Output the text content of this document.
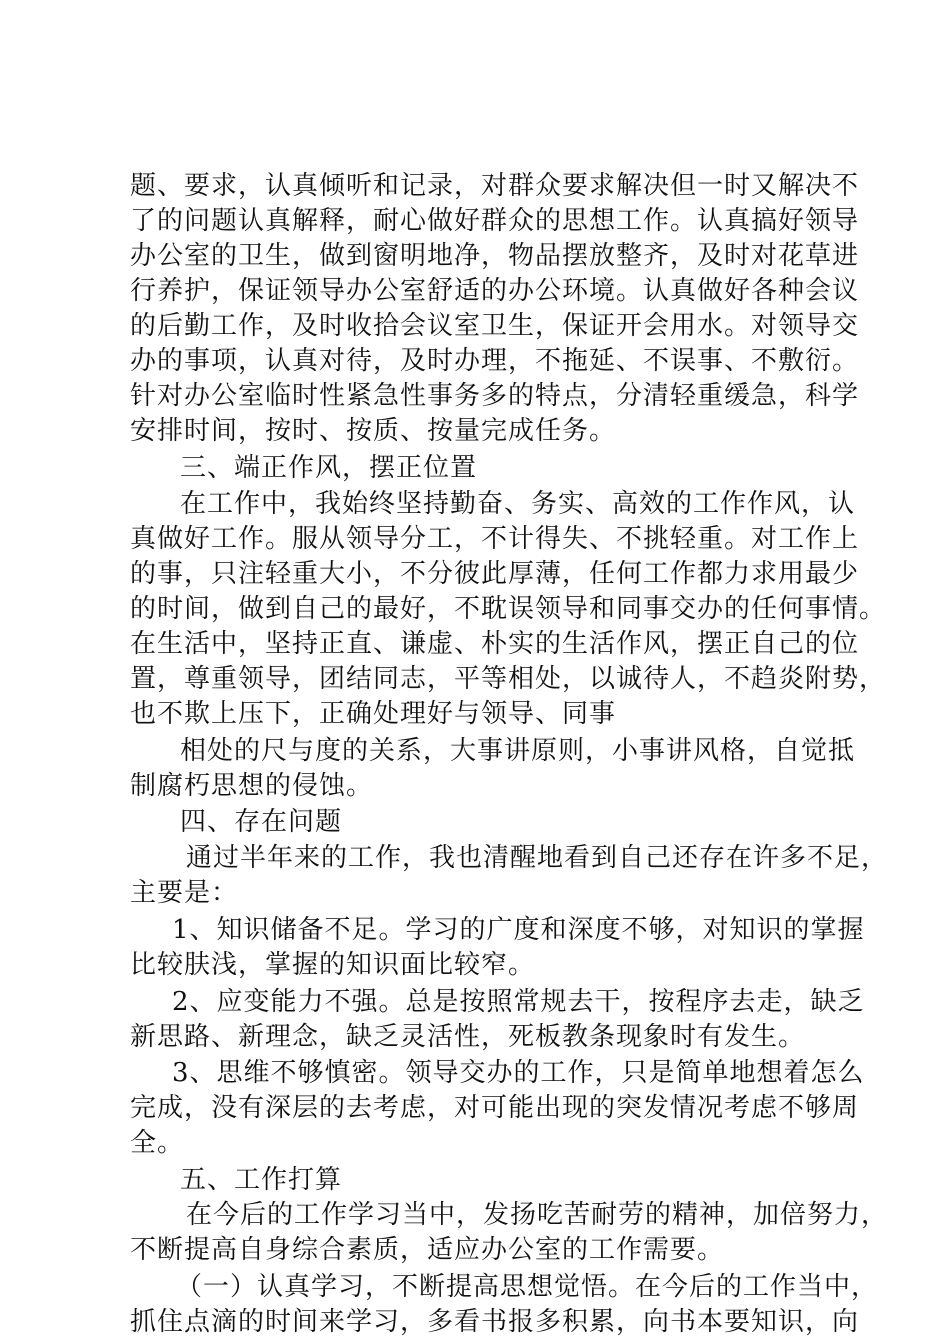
题、要求，认真倾听和记录，对群众要求解决但一时又解决不
了的问题认真解释，耐心做好群众的思想工作。认真搞好领导
办公室的卫生，做到窗明地净，物品摆放整齐，及时对花草进
行养护，保证领导办公室舒适的办公环境。认真做好各种会议
的后勤工作，及时收拾会议室卫生，保证开会用水。对领导交
办的事项，认真对待，及时办理，不拖延、不误事、不敷衍。
针对办公室临时性紧急性事务多的特点，分清轻重缓急，科学
安排时间，按时、按质、按量完成任务。
三、端正作风，摆正位置
在工作中，我始终坚持勤奋、务实、高效的工作作风，认
真做好工作。服从领导分工，不计得失、不挑轻重。对工作上
的事，只注轻重大小，不分彼此厚薄，任何工作都力求用最少
的时间，做到自己的最好，不耽误领导和同事交办的任何事情。
在生活中，坚持正直、谦虚、朴实的生活作风，摆正自己的位
置，尊重领导，团结同志，平等相处，以诚待人，不趋炎附势，
也不欺上压下，正确处理好与领导、同事
相处的尺与度的关系，大事讲原则，小事讲风格，自觉抵
制腐朽思想的侵蚀。
四、存在问题
通过半年来的工作，我也清醒地看到自己还存在许多不足，
主要是：
1、知识储备不足。学习的广度和深度不够，对知识的掌握
比较肤浅，掌握的知识面比较窄。
2、应变能力不强。总是按照常规去干，按程序去走，缺乏
新思路、新理念，缺乏灵活性，死板教条现象时有发生。
3、思维不够慎密。领导交办的工作，只是简单地想着怎么
完成，没有深层的去考虑，对可能出现的突发情况考虑不够周
全。
五、工作打算
在今后的工作学习当中，发扬吃苦耐劳的精神，加倍努力，
不断提高自身综合素质，适应办公室的工作需要。
（一）认真学习，不断提高思想觉悟。在今后的工作当中，
抓住点滴的时间来学习，多看书报多积累，向书本要知识，向
